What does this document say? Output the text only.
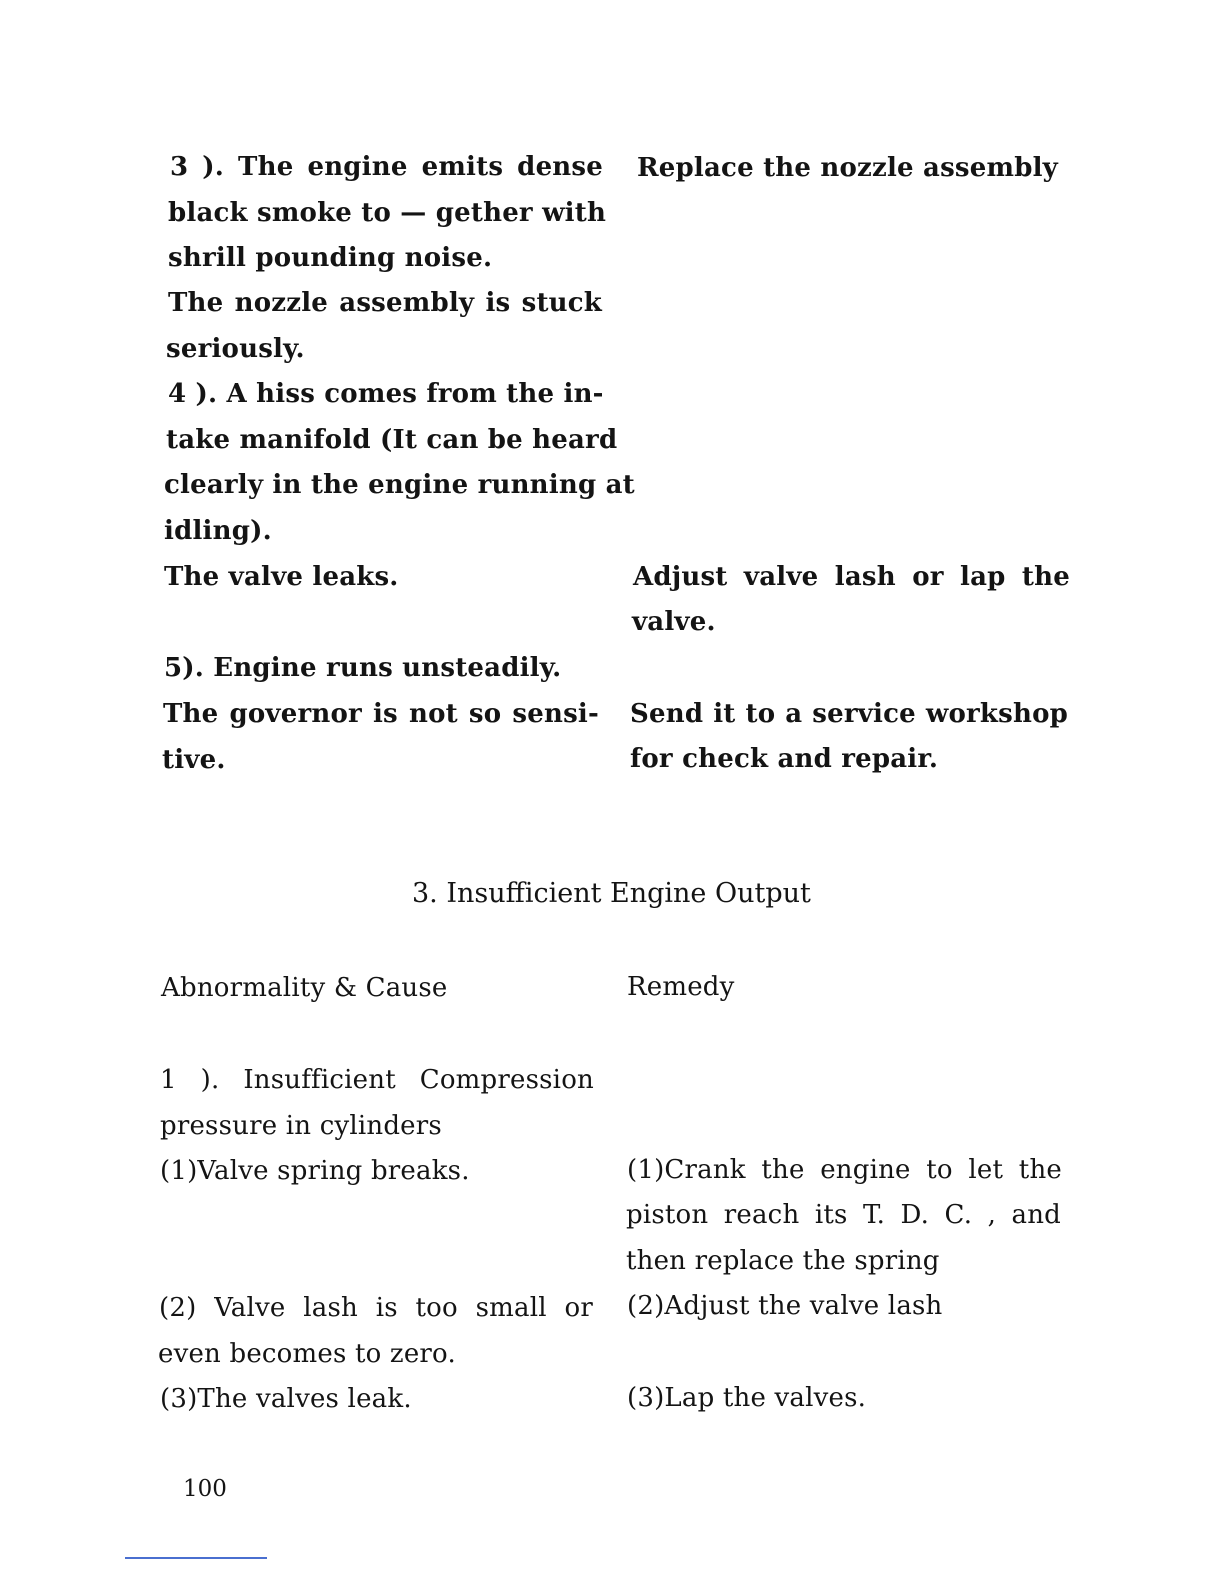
3 ). The engine emits dense
black smoke to — gether with
shrill pounding noise.
The nozzle assembly is stuck
seriously.
4 ). A hiss comes from the in-
take manifold (It can be heard
clearly in the engine running at
idling).
The valve leaks.
5). Engine runs unsteadily.
The governor is not so sensi-
tive.
Replace the nozzle assembly
Adjust valve lash or lap the
valve.
Send it to a service workshop
for check and repair.
3. Insufficient Engine Output
Abnormality & Cause	Remedy
1 ). Insufficient Compression
pressure in cylinders
(1)Valve spring breaks.
(2) Valve lash is too small or
even becomes to zero.
(3)The valves leak.
(1)Crank the engine to let the
piston reach its T. D. C. , and
then replace the spring
(2)Adjust the valve lash
(3)Lap the valves.
100
